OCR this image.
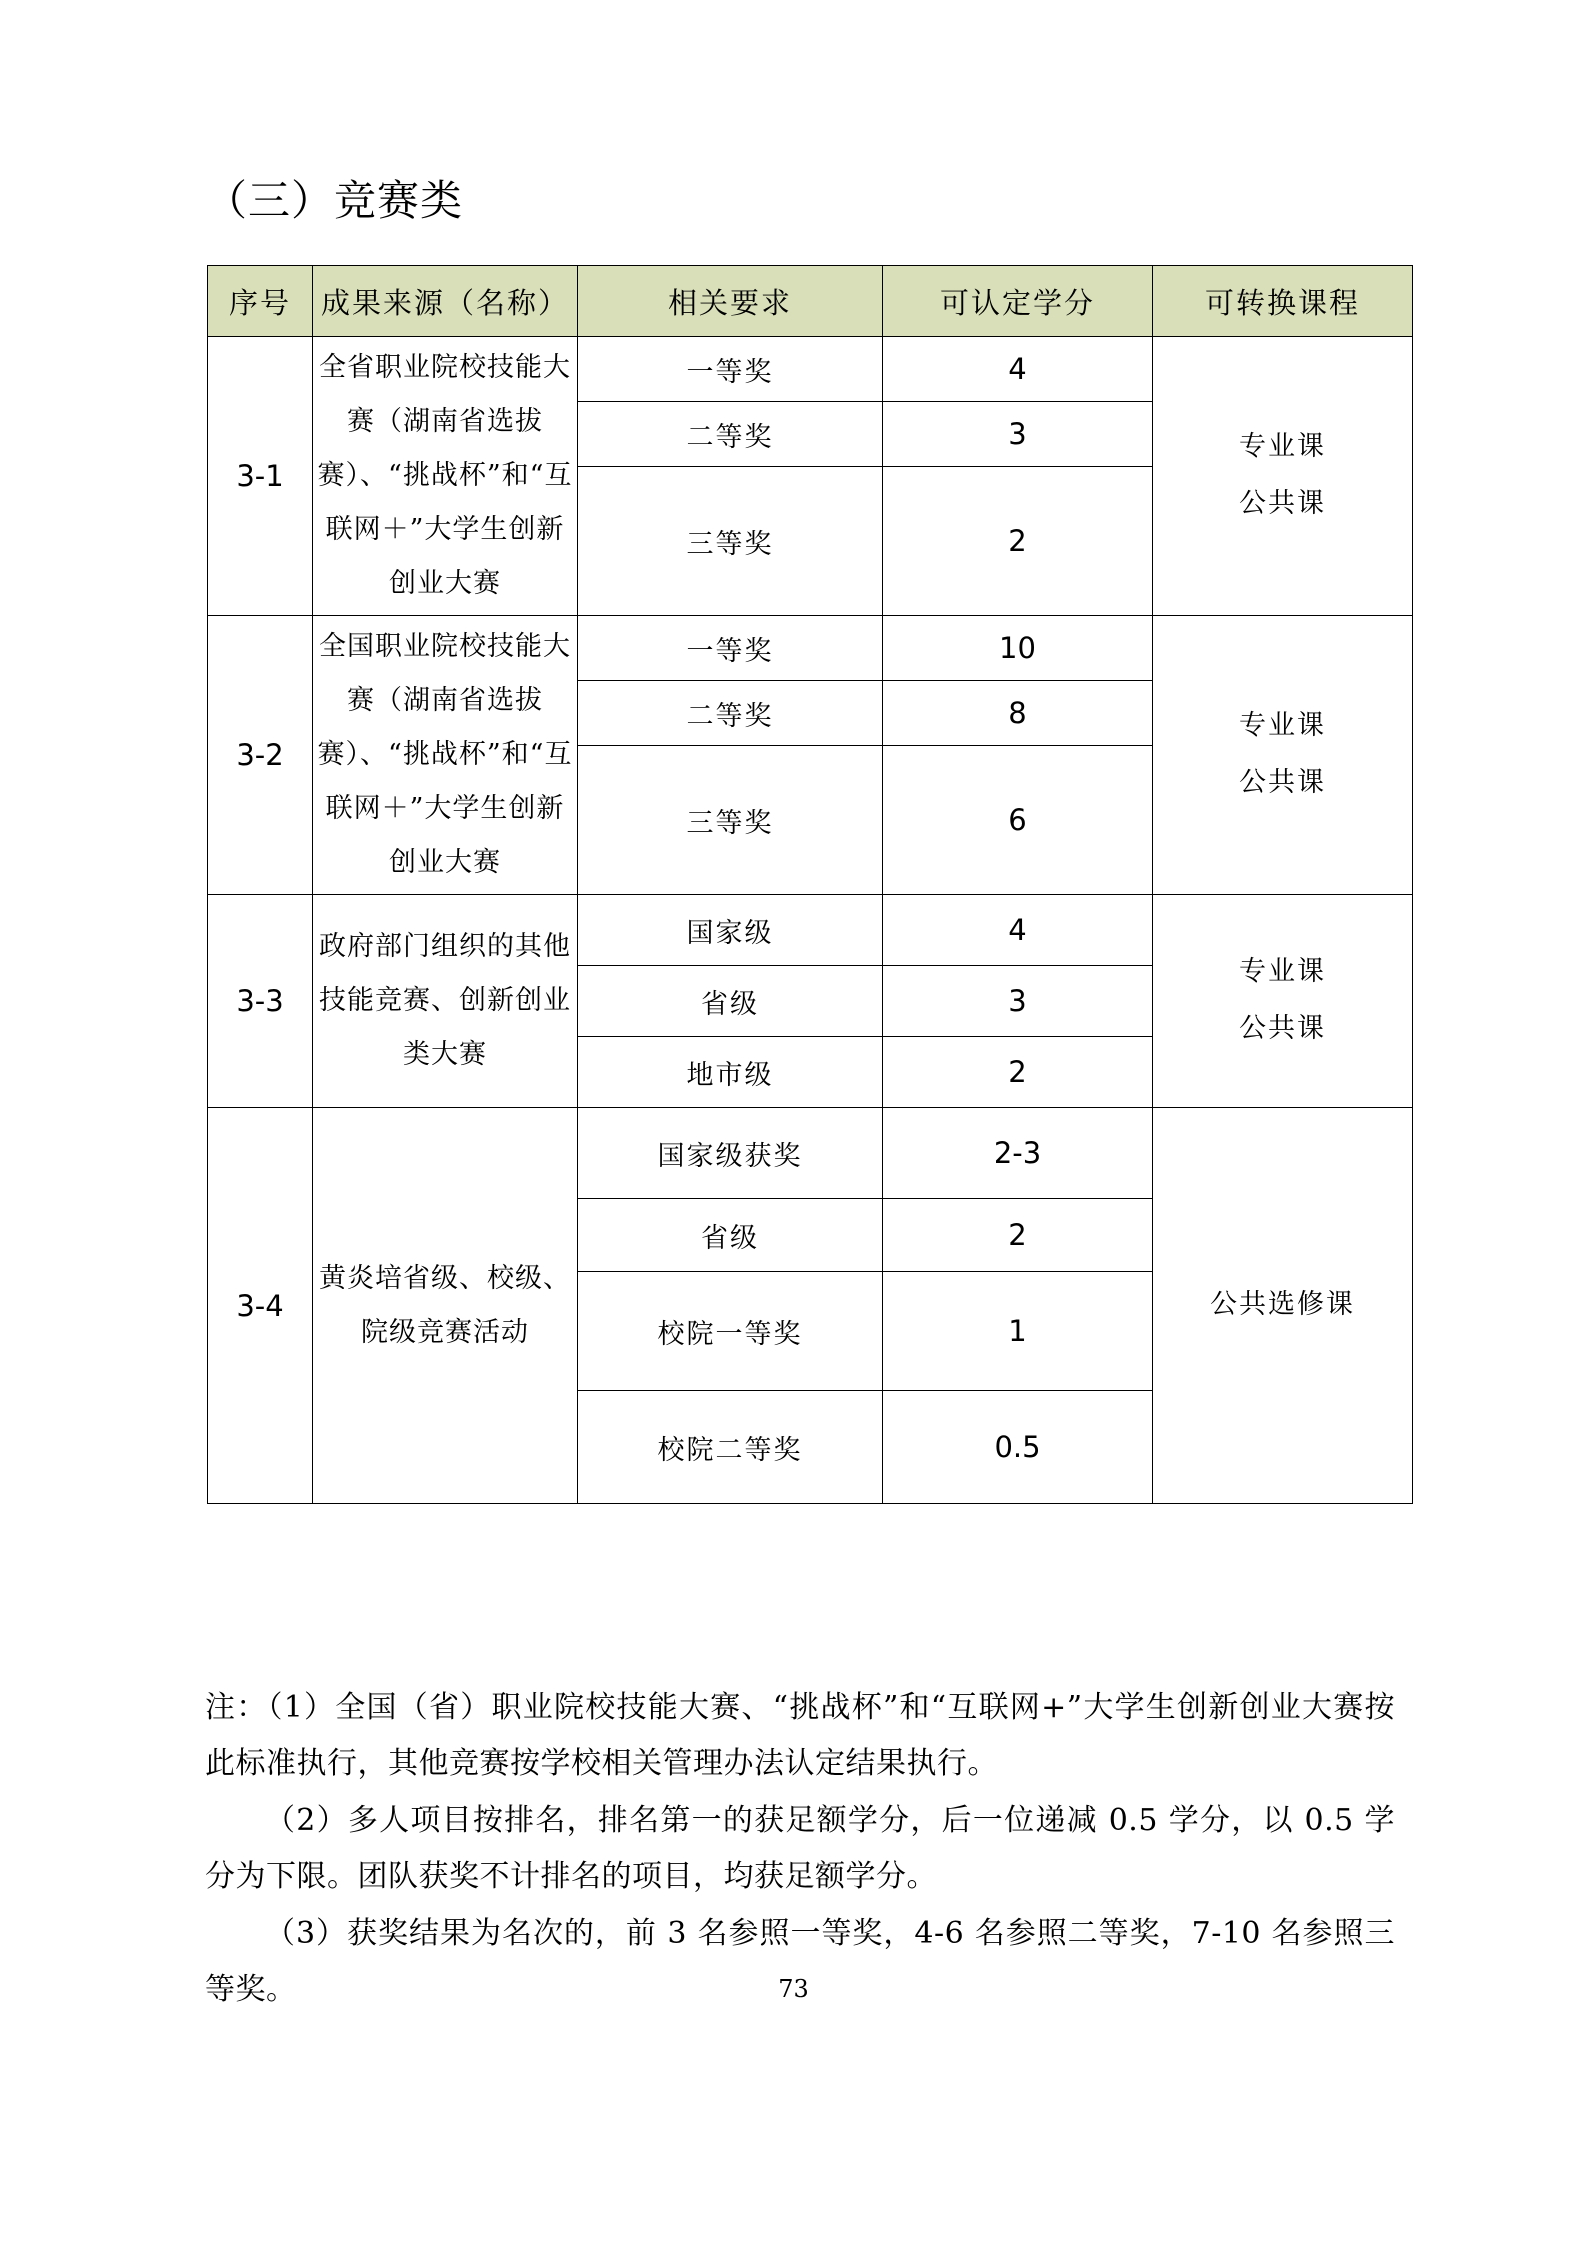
（三）竞赛类
序号	成果来源（名称）	相关要求	可认定学分	可转换课程
3-1	全省职业院校技能大赛（湖南省选拔赛）、“挑战杯”和“互联网＋”大学生创新创业大赛	一等奖	4	专业课
公共课

		二等奖	3	
		三等奖	2	
3-2	全国职业院校技能大赛（湖南省选拔赛）、“挑战杯”和“互联网＋”大学生创新创业大赛	一等奖	10	专业课
公共课

		二等奖	8	
		三等奖	6	
3-3	政府部门组织的其他技能竞赛、创新创业类大赛	国家级	4	专业课
公共课

		省级	3	
		地市级	2	
3-4	黄炎培省级、校级、院级竞赛活动	国家级获奖	2-3	公共选修课

		省级	2	
		校院一等奖	1	
		校院二等奖	0.5	

注：（1）全国（省）职业院校技能大赛、“挑战杯”和“互联网+”大学生创新创业大赛按此标准执行，其他竞赛按学校相关管理办法认定结果执行。

（2）多人项目按排名，排名第一的获足额学分，后一位递减 0.5 学分，以 0.5 学分为下限。团队获奖不计排名的项目，均获足额学分。

（3）获奖结果为名次的，前 3 名参照一等奖，4-6 名参照二等奖，7-10 名参照三等奖。	73
